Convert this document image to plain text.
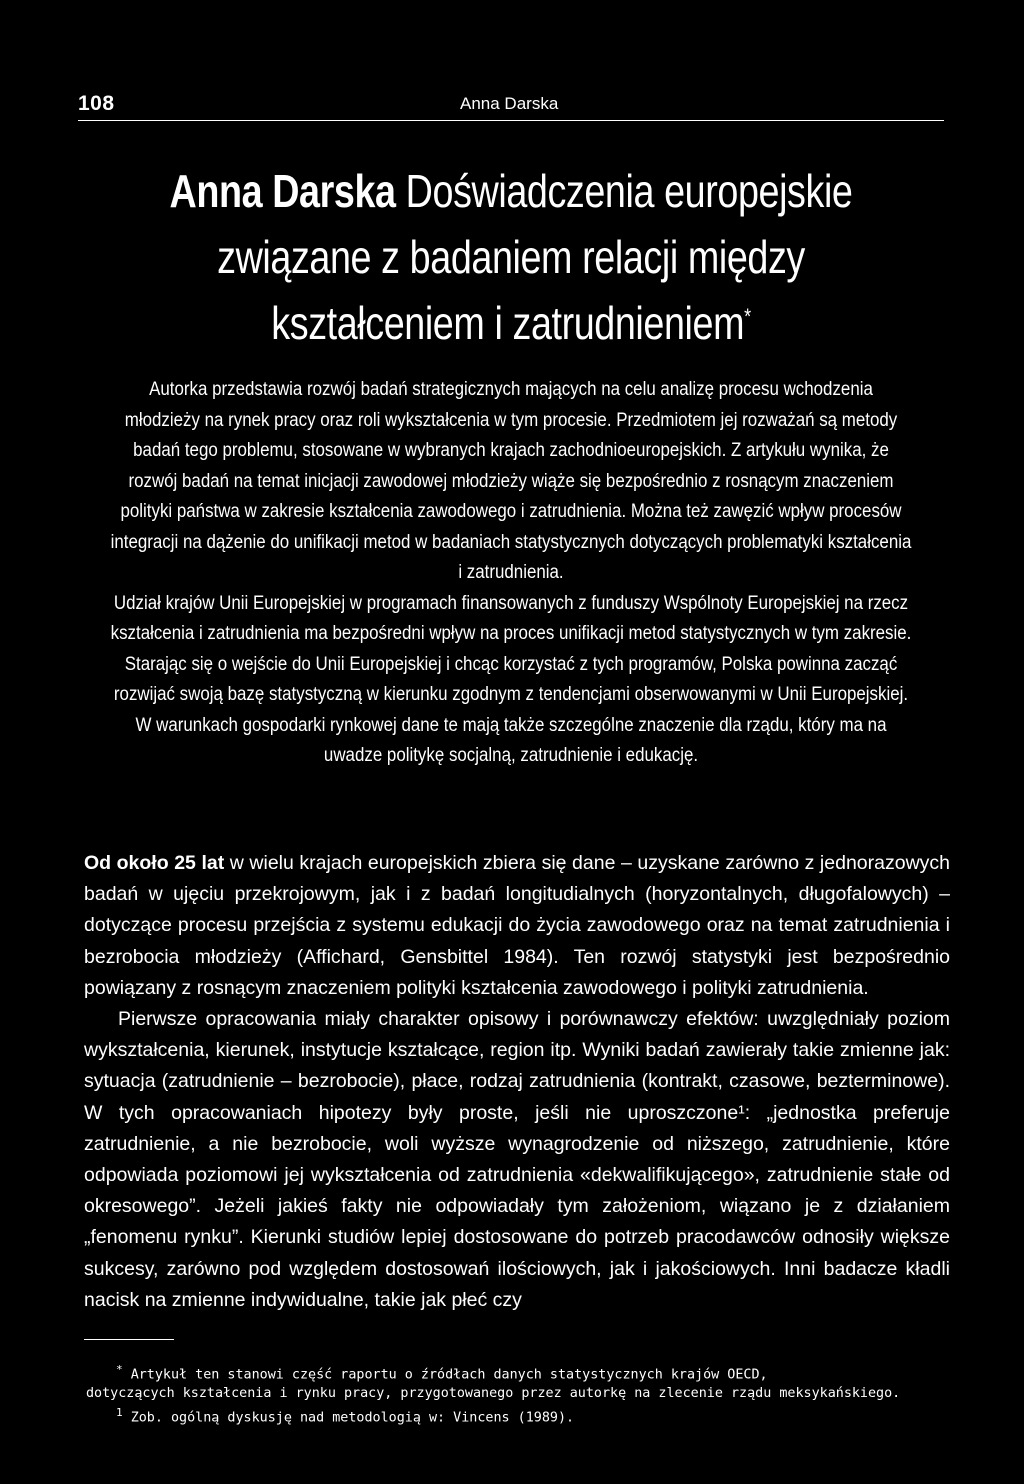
108	Anna Darska
Anna Darska Doświadczenia europejskie związane z badaniem relacji między kształceniem i zatrudnieniem*

Autorka przedstawia rozwój badań strategicznych mających na celu analizę procesu wchodzenia młodzieży na rynek pracy oraz roli wykształcenia w tym procesie. Przedmiotem jej rozważań są metody badań tego problemu, stosowane w wybranych krajach zachodnioeuropejskich. Z artykułu wynika, że rozwój badań na temat inicjacji zawodowej młodzieży wiąże się bezpośrednio z rosnącym znaczeniem polityki państwa w zakresie kształcenia zawodowego i zatrudnienia. Można też zawęzić wpływ procesów integracji na dążenie do unifikacji metod w badaniach statystycznych dotyczących problematyki kształcenia i zatrudnienia.

Udział krajów Unii Europejskiej w programach finansowanych z funduszy Wspólnoty Europejskiej na rzecz kształcenia i zatrudnienia ma bezpośredni wpływ na proces unifikacji metod statystycznych w tym zakresie. Starając się o wejście do Unii Europejskiej i chcąc korzystać z tych programów, Polska powinna zacząć rozwijać swoją bazę statystyczną w kierunku zgodnym z tendencjami obserwowanymi w Unii Europejskiej. W warunkach gospodarki rynkowej dane te mają także szczególne znaczenie dla rządu, który ma na uwadze politykę socjalną, zatrudnienie i edukację.

Od około 25 lat w wielu krajach europejskich zbiera się dane – uzyskane zarówno z jednorazowych badań w ujęciu przekrojowym, jak i z badań longitudialnych (horyzontalnych, długofalowych) – dotyczące procesu przejścia z systemu edukacji do życia zawodowego oraz na temat zatrudnienia i bezrobocia młodzieży (Affichard, Gensbittel 1984). Ten rozwój statystyki jest bezpośrednio powiązany z rosnącym znaczeniem polityki kształcenia zawodowego i polityki zatrudnienia.

Pierwsze opracowania miały charakter opisowy i porównawczy efektów: uwzględniały poziom wykształcenia, kierunek, instytucje kształcące, region itp. Wyniki badań zawierały takie zmienne jak: sytuacja (zatrudnienie – bezrobocie), płace, rodzaj zatrudnienia (kontrakt, czasowe, bezterminowe). W tych opracowaniach hipotezy były proste, jeśli nie uproszczone¹: „jednostka preferuje zatrudnienie, a nie bezrobocie, woli wyższe wynagrodzenie od niższego, zatrudnienie, które odpowiada poziomowi jej wykształcenia od zatrudnienia «dekwalifikującego», zatrudnienie stałe od okresowego”. Jeżeli jakieś fakty nie odpowiadały tym założeniom, wiązano je z działaniem „fenomenu rynku”. Kierunki studiów lepiej dostosowane do potrzeb pracodawców odnosiły większe sukcesy, zarówno pod względem dostosowań ilościowych, jak i jakościowych. Inni badacze kładli nacisk na zmienne indywidualne, takie jak płeć czy

* Artykuł ten stanowi część raportu o źródłach danych statystycznych krajów OECD,

dotyczących kształcenia i rynku pracy, przygotowanego przez autorkę na zlecenie rządu meksykańskiego.

$^1$ Zob. ogólną dyskusję nad metodologią w: Vincens (1989).
